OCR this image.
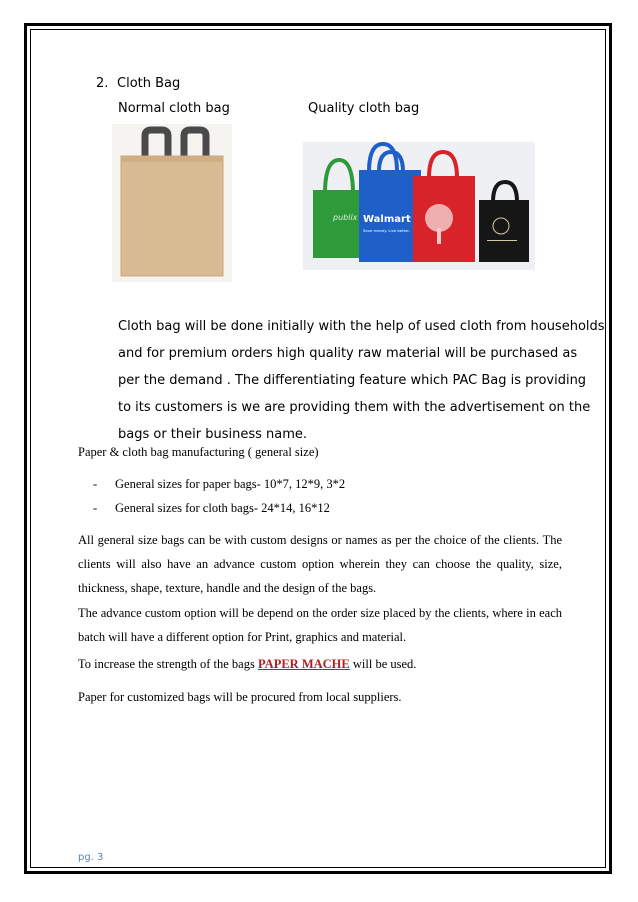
2. Cloth Bag
Normal cloth bag	Quality cloth bag
publix Walmart
Save money. Live better.
Cloth bag will be done initially with the help of used cloth from households
and for premium orders high quality raw material will be purchased as
per the demand . The differentiating feature which PAC Bag is providing
to its customers is we are providing them with the advertisement on the
bags or their business name.
Paper & cloth bag manufacturing ( general size)
- General sizes for paper bags- 10*7, 12*9, 3*2
- General sizes for cloth bags- 24*14, 16*12
All general size bags can be with custom designs or names as per the choice of the clients. The clients will also have an advance custom option wherein they can choose the quality, size, thickness, shape, texture, handle and the design of the bags.
The advance custom option will be depend on the order size placed by the clients, where in each batch will have a different option for Print, graphics and material.
To increase the strength of the bags PAPER MACHE will be used.
Paper for customized bags will be procured from local suppliers.
pg. 3
